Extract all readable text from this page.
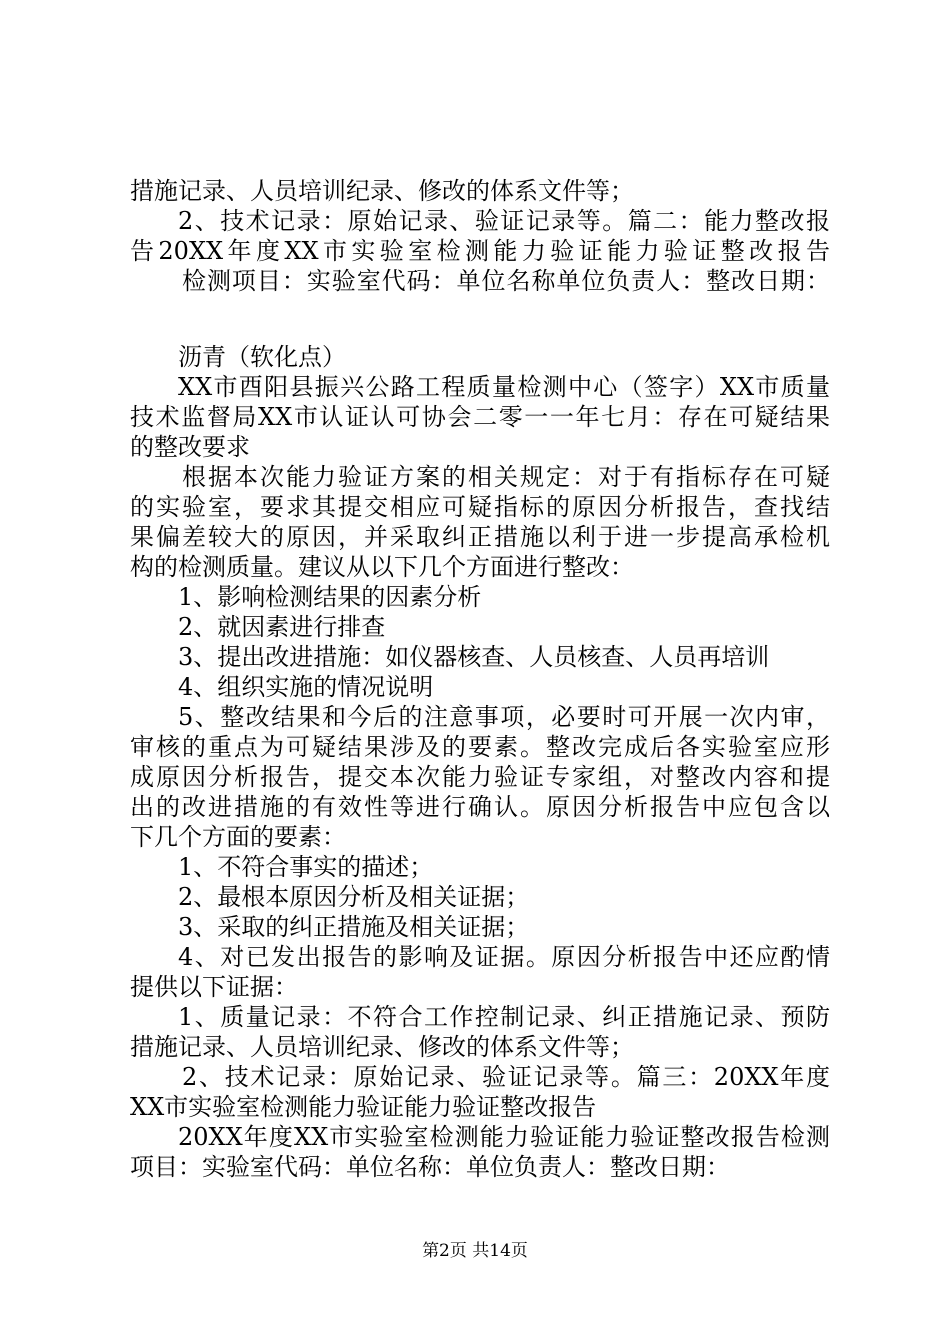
措施记录、人员培训纪录、修改的体系文件等；
2、技术记录：原始记录、验证记录等。篇二：能力整改报
告20XX年度XX市实验室检测能力验证能力验证整改报告
检测项目：实验室代码：单位名称单位负责人：整改日期：
沥青（软化点）
XX市酉阳县振兴公路工程质量检测中心（签字）XX市质量
技术监督局XX市认证认可协会二零一一年七月：存在可疑结果
的整改要求
根据本次能力验证方案的相关规定：对于有指标存在可疑
的实验室，要求其提交相应可疑指标的原因分析报告，查找结
果偏差较大的原因，并采取纠正措施以利于进一步提高承检机
构的检测质量。建议从以下几个方面进行整改：
1、影响检测结果的因素分析
2、就因素进行排查
3、提出改进措施：如仪器核查、人员核查、人员再培训
4、组织实施的情况说明
5、整改结果和今后的注意事项，必要时可开展一次内审，
审核的重点为可疑结果涉及的要素。整改完成后各实验室应形
成原因分析报告，提交本次能力验证专家组，对整改内容和提
出的改进措施的有效性等进行确认。原因分析报告中应包含以
下几个方面的要素：
1、不符合事实的描述；
2、最根本原因分析及相关证据；
3、采取的纠正措施及相关证据；
4、对已发出报告的影响及证据。原因分析报告中还应酌情
提供以下证据：
1、质量记录：不符合工作控制记录、纠正措施记录、预防
措施记录、人员培训纪录、修改的体系文件等；
2、技术记录：原始记录、验证记录等。篇三：20XX年度
XX市实验室检测能力验证能力验证整改报告
20XX年度XX市实验室检测能力验证能力验证整改报告检测
项目：实验室代码：单位名称：单位负责人：整改日期：
第2页 共14页
